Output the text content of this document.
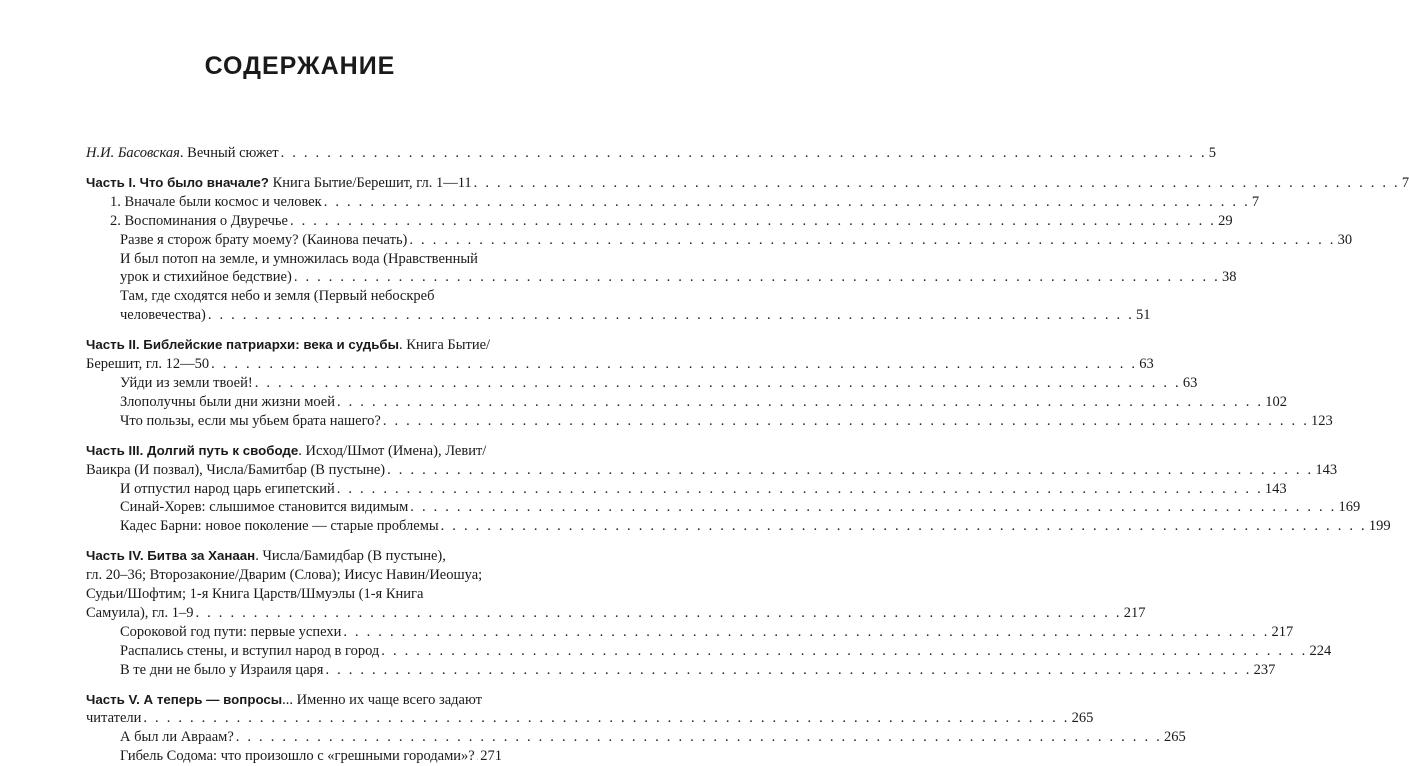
СОДЕРЖАНИЕ
Н.И. Басовская. Вечный сюжет . . . . . . . . . . . . . . . . . . . . . . . . . . . . . . . . . . . . . . . . . . . . . . . . . . . . . . . . . . . . . . . . . . . . . . . . . . . . . . . . 5
Часть I. Что было вначале? Книга Бытие/Берешит, гл. 1—11 . . . . . . . . . . . . . . . . . . . . . . . . . . . . . . . . . . . . . . . . . . . . . . . . . . . . . . . . . . . . . . . . . . . . . . . . . . . . . . . . 7
1. Вначале были космос и человек . . . . . . . . . . . . . . . . . . . . . . . . . . . . . . . . . . . . . . . . . . . . . . . . . . . . . . . . . . . . . . . . . . . . . . . . . . . . . . . . 7
2. Воспоминания о Двуречье . . . . . . . . . . . . . . . . . . . . . . . . . . . . . . . . . . . . . . . . . . . . . . . . . . . . . . . . . . . . . . . . . . . . . . . . . . . . . . . . 29
Разве я сторож брату моему? (Каинова печать) . . . . . . . . . . . . . . . . . . . . . . . . . . . . . . . . . . . . . . . . . . . . . . . . . . . . . . . . . . . . . . . . . . . . . . . . . . . . . . . . 30
И был потоп на земле, и умножилась вода (Нравственный
урок и стихийное бедствие) . . . . . . . . . . . . . . . . . . . . . . . . . . . . . . . . . . . . . . . . . . . . . . . . . . . . . . . . . . . . . . . . . . . . . . . . . . . . . . . . 38
Там, где сходятся небо и земля (Первый небоскреб
человечества) . . . . . . . . . . . . . . . . . . . . . . . . . . . . . . . . . . . . . . . . . . . . . . . . . . . . . . . . . . . . . . . . . . . . . . . . . . . . . . . . 51
Часть II. Библейские патриархи: века и судьбы. Книга Бытие/
Берешит, гл. 12—50 . . . . . . . . . . . . . . . . . . . . . . . . . . . . . . . . . . . . . . . . . . . . . . . . . . . . . . . . . . . . . . . . . . . . . . . . . . . . . . . . 63
Уйди из земли твоей! . . . . . . . . . . . . . . . . . . . . . . . . . . . . . . . . . . . . . . . . . . . . . . . . . . . . . . . . . . . . . . . . . . . . . . . . . . . . . . . . 63
Злополучны были дни жизни моей . . . . . . . . . . . . . . . . . . . . . . . . . . . . . . . . . . . . . . . . . . . . . . . . . . . . . . . . . . . . . . . . . . . . . . . . . . . . . . . . 102
Что пользы, если мы убьем брата нашего? . . . . . . . . . . . . . . . . . . . . . . . . . . . . . . . . . . . . . . . . . . . . . . . . . . . . . . . . . . . . . . . . . . . . . . . . . . . . . . . . 123
Часть III. Долгий путь к свободе. Исход/Шмот (Имена), Левит/
Ваикра (И позвал), Числа/Бамитбар (В пустыне) . . . . . . . . . . . . . . . . . . . . . . . . . . . . . . . . . . . . . . . . . . . . . . . . . . . . . . . . . . . . . . . . . . . . . . . . . . . . . . . . 143
И отпустил народ царь египетский . . . . . . . . . . . . . . . . . . . . . . . . . . . . . . . . . . . . . . . . . . . . . . . . . . . . . . . . . . . . . . . . . . . . . . . . . . . . . . . . 143
Синай-Хорев: слышимое становится видимым . . . . . . . . . . . . . . . . . . . . . . . . . . . . . . . . . . . . . . . . . . . . . . . . . . . . . . . . . . . . . . . . . . . . . . . . . . . . . . . . 169
Кадес Барни: новое поколение — старые проблемы . . . . . . . . . . . . . . . . . . . . . . . . . . . . . . . . . . . . . . . . . . . . . . . . . . . . . . . . . . . . . . . . . . . . . . . . . . . . . . . . 199
Часть IV. Битва за Ханаан. Числа/Бамидбар (В пустыне),
гл. 20–36; Второзаконие/Дварим (Слова); Иисус Навин/Иеошуа;
Судьи/Шофтим; 1-я Книга Царств/Шмуэлы (1-я Книга
Самуила), гл. 1–9 . . . . . . . . . . . . . . . . . . . . . . . . . . . . . . . . . . . . . . . . . . . . . . . . . . . . . . . . . . . . . . . . . . . . . . . . . . . . . . . . 217
Сороковой год пути: первые успехи . . . . . . . . . . . . . . . . . . . . . . . . . . . . . . . . . . . . . . . . . . . . . . . . . . . . . . . . . . . . . . . . . . . . . . . . . . . . . . . . 217
Распались стены, и вступил народ в город . . . . . . . . . . . . . . . . . . . . . . . . . . . . . . . . . . . . . . . . . . . . . . . . . . . . . . . . . . . . . . . . . . . . . . . . . . . . . . . . 224
В те дни не было у Израиля царя . . . . . . . . . . . . . . . . . . . . . . . . . . . . . . . . . . . . . . . . . . . . . . . . . . . . . . . . . . . . . . . . . . . . . . . . . . . . . . . . 237
Часть V. А теперь — вопросы... Именно их чаще всего задают
читатели . . . . . . . . . . . . . . . . . . . . . . . . . . . . . . . . . . . . . . . . . . . . . . . . . . . . . . . . . . . . . . . . . . . . . . . . . . . . . . . . 265
А был ли Авраам? . . . . . . . . . . . . . . . . . . . . . . . . . . . . . . . . . . . . . . . . . . . . . . . . . . . . . . . . . . . . . . . . . . . . . . . . . . . . . . . . 265
Гибель Содома: что произошло с «грешными городами»? 271
